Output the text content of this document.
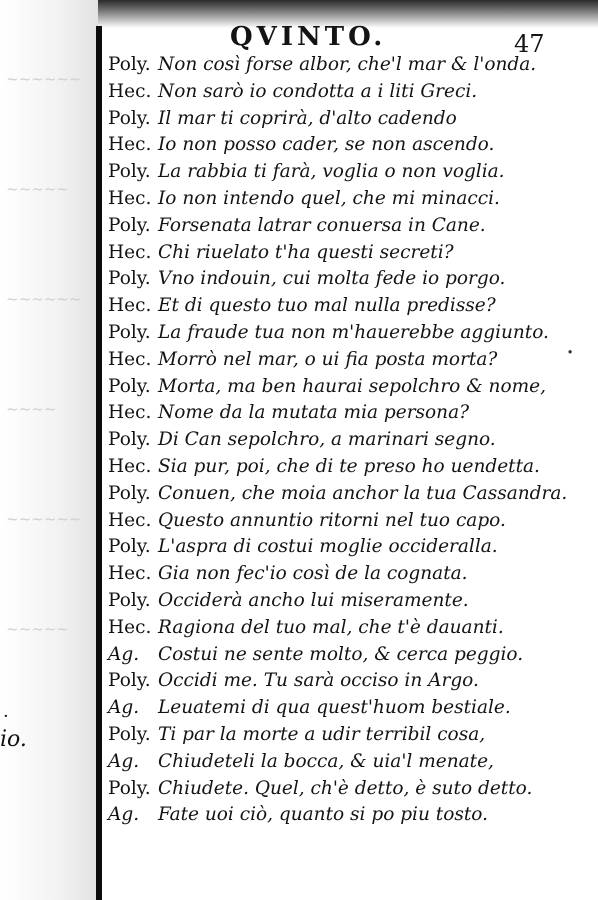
~~~~~~
~~~~~
~~~~~~
~~~~
~~~~~~
~~~~~
·
io.
QVINTO.	47
Poly. Non così forse albor, che'l mar & l'onda.
Hec. Non sarò io condotta a i liti Greci.
Poly. Il mar ti coprirà, d'alto cadendo
Hec. Io non posso cader, se non ascendo.
Poly. La rabbia ti farà, voglia o non voglia.
Hec. Io non intendo quel, che mi minacci.
Poly. Forsenata latrar conuersa in Cane.
Hec. Chi riuelato t'ha questi secreti?
Poly. Vno indouin, cui molta fede io porgo.
Hec. Et di questo tuo mal nulla predisse?
Poly. La fraude tua non m'hauerebbe aggiunto.
Hec. Morrò nel mar, o ui fia posta morta?
Poly. Morta, ma ben haurai sepolchro & nome,
Hec. Nome da la mutata mia persona?
Poly. Di Can sepolchro, a marinari segno.
Hec. Sia pur, poi, che di te preso ho uendetta.
Poly. Conuen, che moia anchor la tua Cassandra.
Hec. Questo annuntio ritorni nel tuo capo.
Poly. L'aspra di costui moglie occideralla.
Hec. Gia non fec'io così de la cognata.
Poly. Occiderà ancho lui miseramente.
Hec. Ragiona del tuo mal, che t'è dauanti.
Ag. Costui ne sente molto, & cerca peggio.
Poly. Occidi me. Tu sarà occiso in Argo.
Ag. Leuatemi di qua quest'huom bestiale.
Poly. Ti par la morte a udir terribil cosa,
Ag. Chiudeteli la bocca, & uia'l menate,
Poly. Chiudete. Quel, ch'è detto, è suto detto.
Ag. Fate uoi ciò, quanto si po piu tosto.
·
